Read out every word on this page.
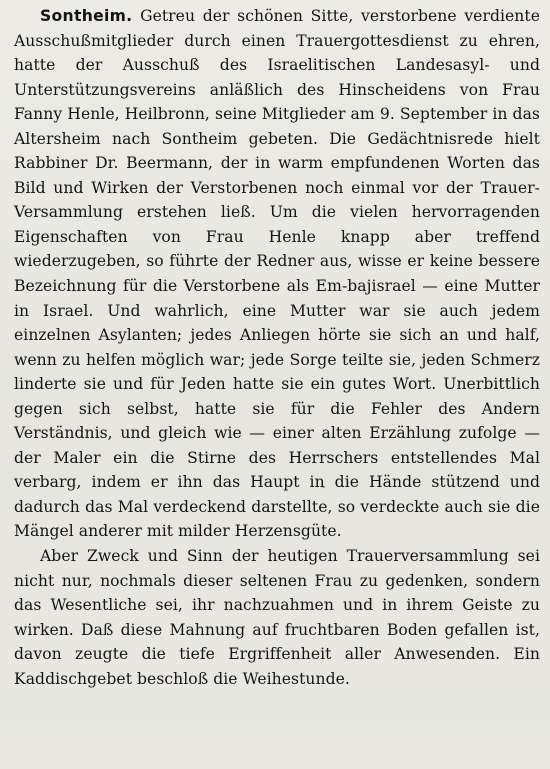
Sontheim. Getreu der schönen Sitte, verstorbene verdiente Ausschußmitglieder durch einen Trauergottesdienst zu ehren, hatte der Ausschuß des Israelitischen Landesasyl- und Unterstützungsvereins anläßlich des Hinscheidens von Frau Fanny Henle, Heilbronn, seine Mitglieder am 9. September in das Altersheim nach Sontheim gebeten. Die Gedächtnisrede hielt Rabbiner Dr. Beermann, der in warm empfundenen Worten das Bild und Wirken der Verstorbenen noch einmal vor der Trauer-Versammlung erstehen ließ. Um die vielen hervorragenden Eigenschaften von Frau Henle knapp aber treffend wiederzugeben, so führte der Redner aus, wisse er keine bessere Bezeichnung für die Verstorbene als Em-bajisrael — eine Mutter in Israel. Und wahrlich, eine Mutter war sie auch jedem einzelnen Asylanten; jedes Anliegen hörte sie sich an und half, wenn zu helfen möglich war; jede Sorge teilte sie, jeden Schmerz linderte sie und für Jeden hatte sie ein gutes Wort. Unerbittlich gegen sich selbst, hatte sie für die Fehler des Andern Verständnis, und gleich wie — einer alten Erzählung zufolge — der Maler ein die Stirne des Herrschers entstellendes Mal verbarg, indem er ihn das Haupt in die Hände stützend und dadurch das Mal verdeckend darstellte, so verdeckte auch sie die Mängel anderer mit milder Herzensgüte.

Aber Zweck und Sinn der heutigen Trauerversammlung sei nicht nur, nochmals dieser seltenen Frau zu gedenken, sondern das Wesentliche sei, ihr nachzuahmen und in ihrem Geiste zu wirken. Daß diese Mahnung auf fruchtbaren Boden gefallen ist, davon zeugte die tiefe Ergriffenheit aller Anwesenden. Ein Kaddischgebet beschloß die Weihestunde.
